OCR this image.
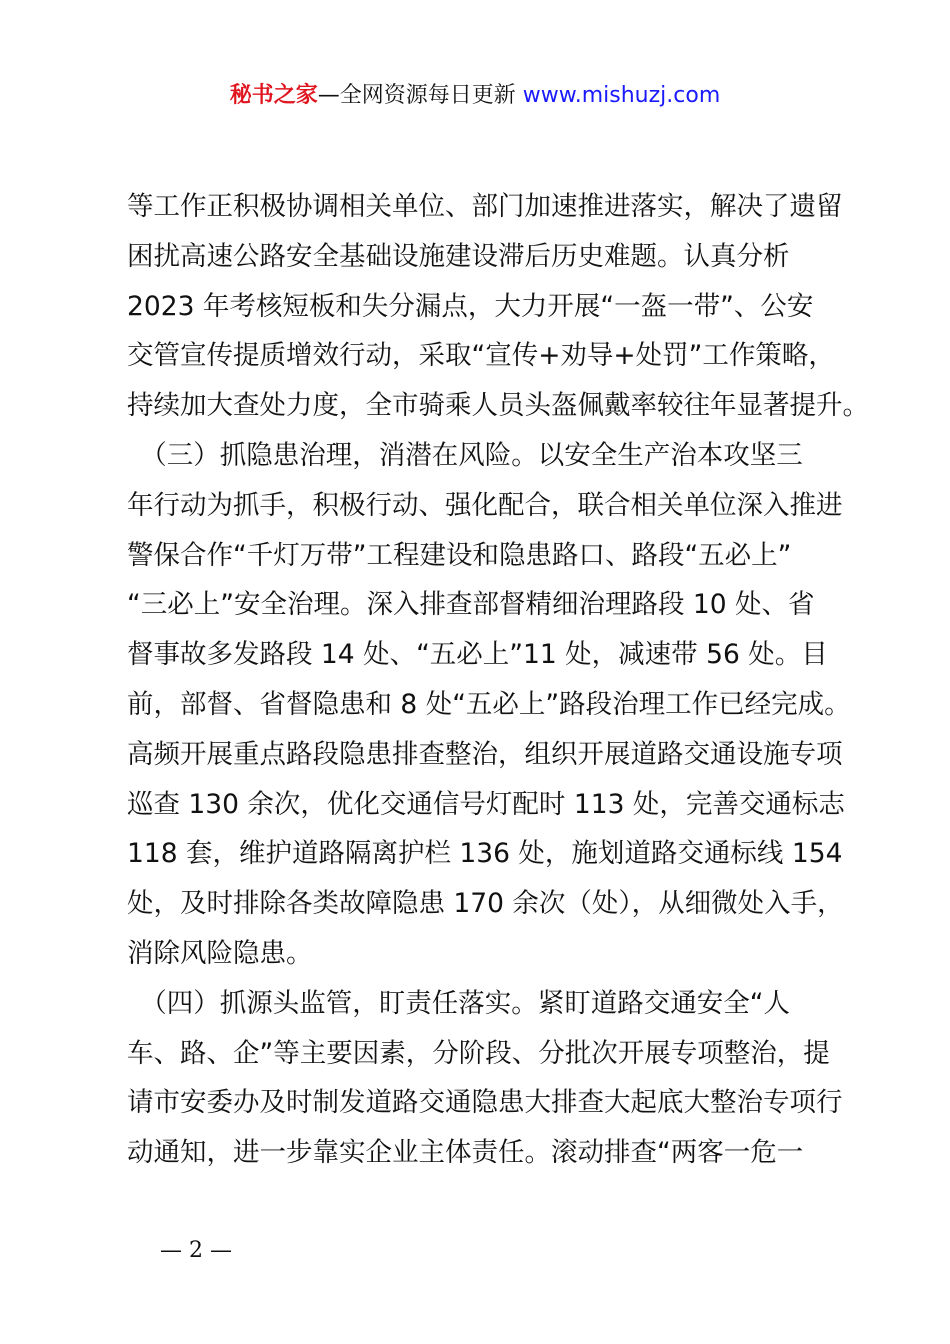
秘书之家—全网资源每日更新 www.mishuzj.com
等工作正积极协调相关单位、部门加速推进落实，解决了遗留
困扰高速公路安全基础设施建设滞后历史难题。认真分析
2023 年考核短板和失分漏点，大力开展“一盔一带”、公安
交管宣传提质增效行动，采取“宣传+劝导+处罚”工作策略，
持续加大查处力度，全市骑乘人员头盔佩戴率较往年显著提升。
　（三）抓隐患治理，消潜在风险。以安全生产治本攻坚三
年行动为抓手，积极行动、强化配合，联合相关单位深入推进
警保合作“千灯万带”工程建设和隐患路口、路段“五必上”
“三必上”安全治理。深入排查部督精细治理路段 10 处、省
督事故多发路段 14 处、“五必上”11 处，减速带 56 处。目
前，部督、省督隐患和 8 处“五必上”路段治理工作已经完成。
高频开展重点路段隐患排查整治，组织开展道路交通设施专项
巡查 130 余次，优化交通信号灯配时 113 处，完善交通标志
118 套，维护道路隔离护栏 136 处，施划道路交通标线 154
处，及时排除各类故障隐患 170 余次（处），从细微处入手，
消除风险隐患。
　（四）抓源头监管，盯责任落实。紧盯道路交通安全“人
车、路、企”等主要因素，分阶段、分批次开展专项整治，提
请市安委办及时制发道路交通隐患大排查大起底大整治专项行
动通知，进一步靠实企业主体责任。滚动排查“两客一危一
— 2 —
